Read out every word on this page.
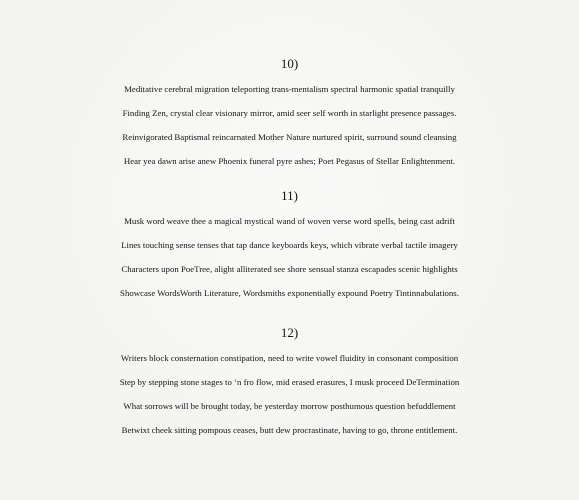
10)
Meditative cerebral migration teleporting trans-mentalism spectral harmonic spatial tranquilly
Finding Zen, crystal clear visionary mirror, amid seer self worth in starlight presence passages.
Reinvigorated Baptismal reincarnated Mother Nature nurtured spirit, surround sound cleansing
Hear yea dawn arise anew Phoenix funeral pyre ashes; Poet Pegasus of Stellar Enlightenment.
11)
Musk word weave thee a magical mystical wand of woven verse word spells, being cast adrift
Lines touching sense tenses that tap dance keyboards keys, which vibrate verbal tactile imagery
Characters upon PoeTree, alight alliterated see shore sensual stanza escapades scenic highlights
Showcase WordsWorth Literature, Wordsmiths exponentially expound Poetry Tintinnabulations.
12)
Writers block consternation constipation, need to write vowel fluidity in consonant composition
Step by stepping stone stages to ‘n fro flow, mid erased erasures, I musk proceed DeTermination
What sorrows will be brought today, be yesterday morrow posthumous question befuddlement
Betwixt cheek sitting pompous ceases, butt dew procrastinate, having to go, throne entitlement.
